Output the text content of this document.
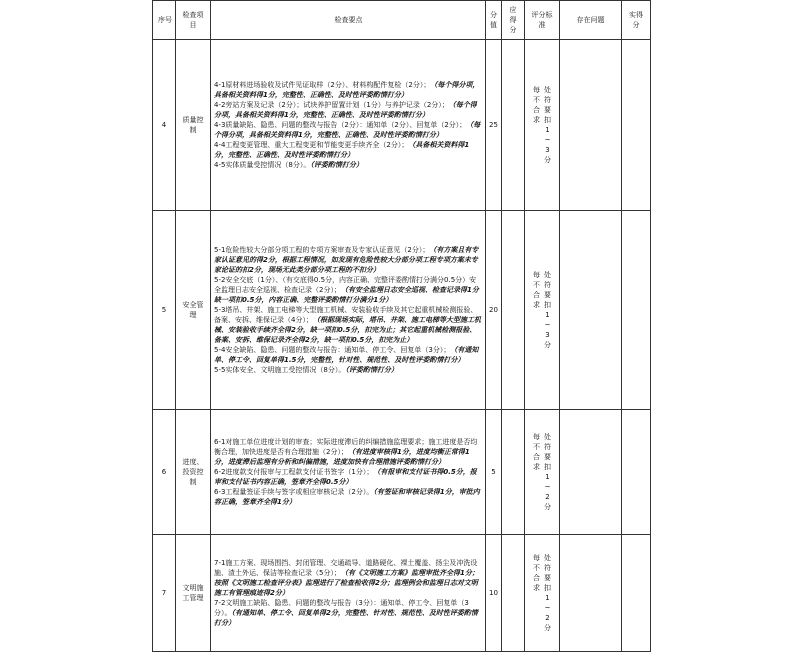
序号	检查项目	检查要点	分值	应得分	评分标准	存在问题	实得分

4	质量控制	4-1原材料进场验收及试件见证取样（2分）、材料构配件复检（2分）；（每个得分项，具备相关资料得1分，完整性、正确性、及时性评委酌情打分）
4-2旁站方案及记录（2分）；试块养护留置计划（1分）与养护记录（2分）；（每个得分项，具备相关资料得1分，完整性、正确性、及时性评委酌情打分）
4-3质量缺陷、隐患、问题的整改与报告（2分）：通知单（2分）、回复单（2分）；（每个得分项，具备相关资料得1分，完整性、正确性、及时性评委酌情打分）
4-4工程变更管理、重大工程变更和节能变更手续齐全（2分）；（具备相关资料得1分，完整性、正确性、及时性评委酌情打分）
4-5实体质量受控情况（8分）。（评委酌情打分）	25		每不合求
处符要扣1~3分		

5	安全管理	5-1危险性较大分部分项工程的专项方案审查及专家认证意见（2分）；（有方案且有专家认证意见的得2分，根据工程情况，如发现有危险性较大分部分项工程专项方案未专家论证的扣2分，现场无此类分部分项工程的不扣分）
5-2安全交底（1分）、（有交底得0.5分，内容正确、完整评委酌情打分满分0.5分）安全监理日志安全巡视、检查记录（2分）；（有安全监理日志安全巡视、检查记录得1分缺一项扣0.5分，内容正确、完整评委酌情打分满分1分）
5-3塔吊、井架、施工电梯等大型施工机械、安装验收手续及其它起重机械检测报验、备案、安拆、维保记录（4分）；（根据现场实际，塔吊、井架、施工电梯等大型施工机械、安装验收手续齐全得2分，缺一项扣0.5分，扣完为止；其它起重机械检测报验、备案、安拆、维保记录齐全得2分，缺一项扣0.5分，扣完为止）
5-4安全缺陷、隐患、问题的整改与报告：通知单、停工令、回复单（3分）；（有通知单、停工令、回复单得1.5分，完整性，针对性、规范性、及时性评委酌情打分）
5-5实体安全、文明施工受控情况（8分）。（评委酌情打分）	20		每不合求
处符要扣1~3分		

6	进度、投资控制	6-1对施工单位进度计划的审查；实际进度滞后的纠编措施监理要求；施工进度是否均衡合理，加快进度是否有合理措施（2分）；（有进度审核得1分，进度均衡正常得1分，进度滞后监理有分析和纠偏措施，进度加快有合理措施评委酌情打分）
6-2进度款支付报审与工程款支付证书签字（1分）；（有报审和支付证书得0.5分，报审和支付证书内容正确，签章齐全得0.5分）
6-3工程量签证手续与签字或相应审核记录（2分）。（有签证和审核记录得1分，审批内容正确，签章齐全得1分）	5		每不合求
处符要扣1~2分		

7	文明施工管理	7-1施工方案、现场围挡、封闭管理、交通疏导、道路硬化、裸土覆盖、扬尘及冲洗设施、渣土外运、保洁等检查记录（5分）；（有《文明施工方案》监理审批齐全得1分；按照《文明施工检查评分表》监理进行了检查检收得2分；监理例会和监理日志对文明施工有管理痕迹得2分）
7-2文明施工缺陷、隐患、问题的整改与报告（3分）：通知单、停工令、回复单（3分）。（有通知单、停工令、回复单得2分，完整性、针对性、规范性、及时性评委酌情打分）	10		每不合求
处符要扣1~2分		
